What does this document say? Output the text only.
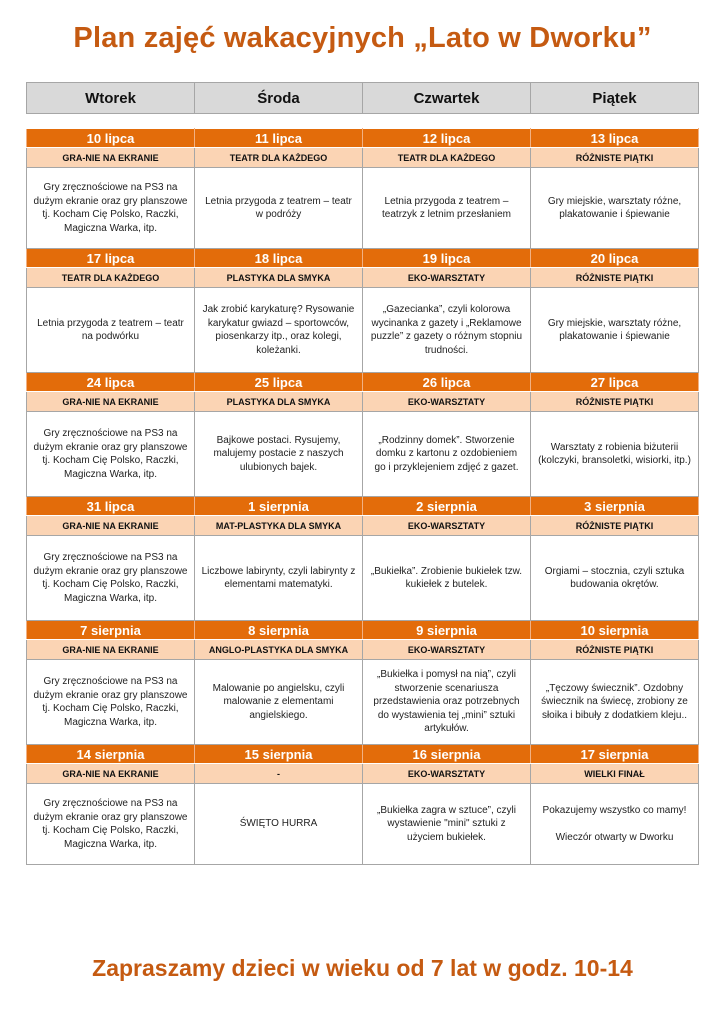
Plan zajęć wakacyjnych „Lato w Dworku”
Wtorek	Środa	Czwartek	Piątek
10 lipca	11 lipca	12 lipca	13 lipca
GRA-NIE NA EKRANIE	TEATR DLA KAŻDEGO	TEATR DLA KAŻDEGO	RÓŻNISTE PIĄTKI
Gry zręcznościowe na PS3 na dużym ekranie oraz gry planszowe tj. Kocham Cię Polsko, Raczki, Magiczna Warka, itp.	Letnia przygoda z teatrem – teatr w podróży	Letnia przygoda z teatrem – teatrzyk z letnim przesłaniem	Gry miejskie, warsztaty różne, plakatowanie i śpiewanie
17 lipca	18 lipca	19 lipca	20 lipca
TEATR DLA KAŻDEGO	PLASTYKA DLA SMYKA	EKO-WARSZTATY	RÓŻNISTE PIĄTKI
Letnia przygoda z teatrem – teatr na podwórku	Jak zrobić karykaturę? Rysowanie karykatur gwiazd – sportowców, piosenkarzy itp., oraz kolegi, koleżanki.	„Gazecianka”, czyli kolorowa wycinanka z gazety i „Reklamowe puzzle” z gazety o różnym stopniu trudności.	Gry miejskie, warsztaty różne, plakatowanie i śpiewanie
24 lipca	25 lipca	26 lipca	27 lipca
GRA-NIE NA EKRANIE	PLASTYKA DLA SMYKA	EKO-WARSZTATY	RÓŻNISTE PIĄTKI
Gry zręcznościowe na PS3 na dużym ekranie oraz gry planszowe tj. Kocham Cię Polsko, Raczki, Magiczna Warka, itp.	Bajkowe postaci. Rysujemy, malujemy postacie z naszych ulubionych bajek.	„Rodzinny domek”. Stworzenie domku z kartonu z ozdobieniem go i przyklejeniem zdjęć z gazet.	Warsztaty z robienia biżuterii (kolczyki, bransoletki, wisiorki, itp.)
31 lipca	1 sierpnia	2 sierpnia	3 sierpnia
GRA-NIE NA EKRANIE	MAT-PLASTYKA DLA SMYKA	EKO-WARSZTATY	RÓŻNISTE PIĄTKI
Gry zręcznościowe na PS3 na dużym ekranie oraz gry planszowe tj. Kocham Cię Polsko, Raczki, Magiczna Warka, itp.	Liczbowe labirynty, czyli labirynty z elementami matematyki.	„Bukiełka”. Zrobienie bukiełek tzw. kukiełek z butelek.	Orgiami – stocznia, czyli sztuka budowania okrętów.
7 sierpnia	8 sierpnia	9 sierpnia	10 sierpnia
GRA-NIE NA EKRANIE	ANGLO-PLASTYKA DLA SMYKA	EKO-WARSZTATY	RÓŻNISTE PIĄTKI
Gry zręcznościowe na PS3 na dużym ekranie oraz gry planszowe tj. Kocham Cię Polsko, Raczki, Magiczna Warka, itp.	Malowanie po angielsku, czyli malowanie z elementami angielskiego.	„Bukiełka i pomysł na nią”, czyli stworzenie scenariusza przedstawienia oraz potrzebnych do wystawienia tej „mini” sztuki artykułów.	„Tęczowy świecznik”. Ozdobny świecznik na świecę, zrobiony ze słoika i bibuły z dodatkiem kleju..
14 sierpnia	15 sierpnia	16 sierpnia	17 sierpnia
GRA-NIE NA EKRANIE	-	EKO-WARSZTATY	WIELKI FINAŁ
Gry zręcznościowe na PS3 na dużym ekranie oraz gry planszowe tj. Kocham Cię Polsko, Raczki, Magiczna Warka, itp.	ŚWIĘTO HURRA	„Bukiełka zagra w sztuce”, czyli wystawienie "mini" sztuki z użyciem bukiełek.	Pokazujemy wszystko co mamy!

Wieczór otwarty w Dworku
Zapraszamy dzieci w wieku od 7 lat w godz. 10-14
